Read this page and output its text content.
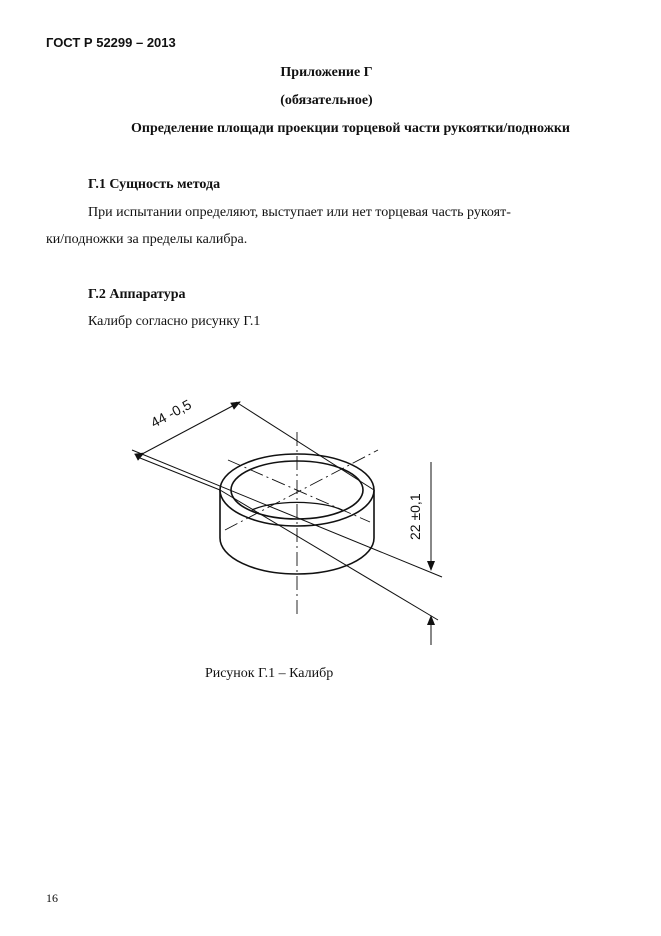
ГОСТ Р 52299 – 2013
Приложение Г
(обязательное)
Определение площади проекции торцевой части рукоятки/подножки
Г.1 Сущность метода
При испытании определяют, выступает или нет торцевая часть рукоят-
ки/подножки за пределы калибра.
Г.2 Аппаратура
Калибр согласно рисунку Г.1
44 -0,5
22 ±0,1
Рисунок Г.1 – Калибр
16
